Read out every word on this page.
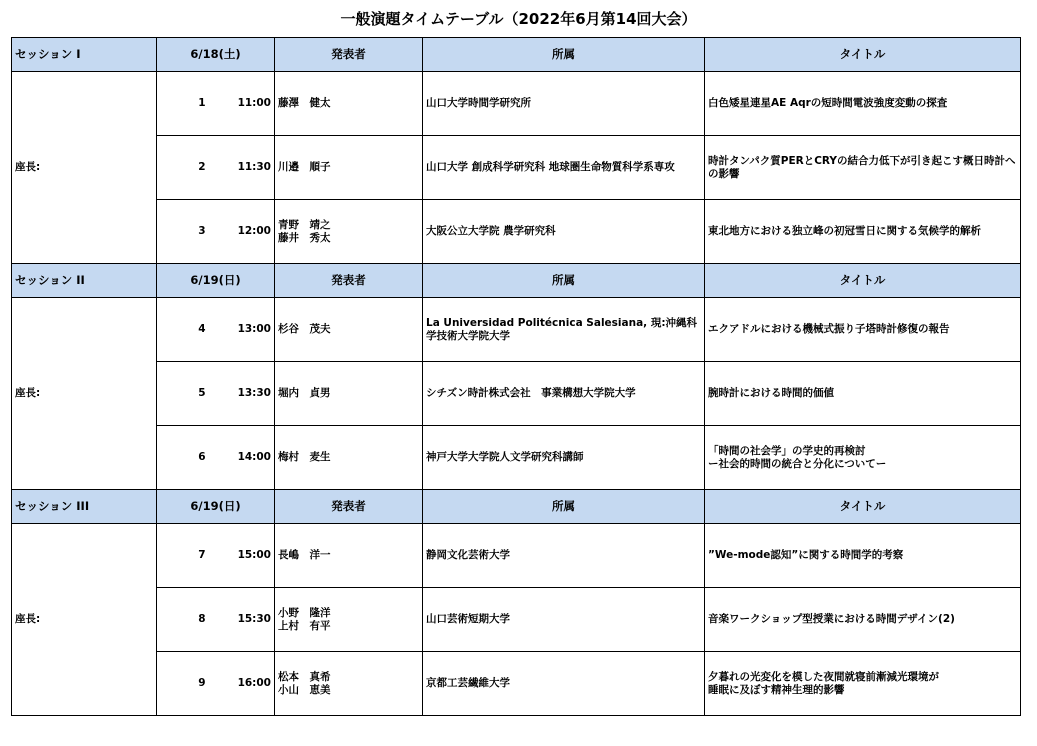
一般演題タイムテーブル（2022年6月第14回大会）
セッション I	6/18(土)		発表者	所属	タイトル
座長:	1	11:00	藤澤　健太	山口大学時間学研究所	白色矮星連星AE Aqrの短時間電波強度変動の探査

	2	11:30	川邉　順子	山口大学 創成科学研究科 地球圏生命物質科学系専攻	時計タンパク質PERとCRYの結合力低下が引き起こす概日時計への影響

	3	12:00	青野　靖之
藤井　秀太	大阪公立大学院 農学研究科	東北地方における独立峰の初冠雪日に関する気候学的解析

セッション II	6/19(日)		発表者	所属	タイトル
座長:	4	13:00	杉谷　茂夫	La Universidad Politécnica Salesiana, 現:沖縄科学技術大学院大学	エクアドルにおける機械式振り子塔時計修復の報告

	5	13:30	堀内　貞男	シチズン時計株式会社　事業構想大学院大学	腕時計における時間的価値

	6	14:00	梅村　麦生	神戸大学大学院人文学研究科講師	「時間の社会学」の学史的再検討
ー社会的時間の統合と分化についてー

セッション III	6/19(日)		発表者	所属	タイトル
座長:	7	15:00	長嶋　洋一	静岡文化芸術大学	”We-mode認知”に関する時間学的考察

	8	15:30	小野　隆洋
上村　有平	山口芸術短期大学	音楽ワークショップ型授業における時間デザイン(2)

	9	16:00	松本　真希
小山　恵美	京都工芸繊維大学	夕暮れの光変化を模した夜間就寝前漸減光環境が
睡眠に及ぼす精神生理的影響
